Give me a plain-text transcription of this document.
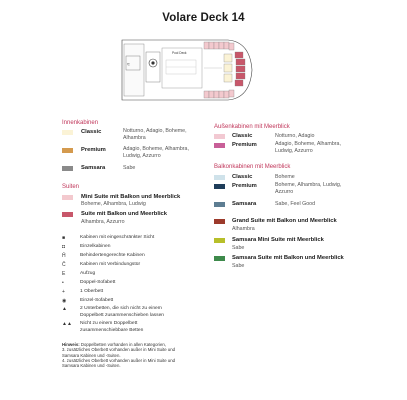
Volare Deck 14
≈
Pool Deck
Innenkabinen
Classic	Notturno, Adagio, Boheme, Alhambra
Premium	Adagio, Boheme, Alhambra, Ludwig, Azzurro
Samsara	Sabe
Suiten
Mini Suite mit Balkon und Meerblick
Boheme, Alhambra, Ludwig
Suite mit Balkon und Meerblick
Alhambra, Azzurro
■	Kabinen mit eingeschränkter Sicht
◘	Einzelkabinen
Ĥ	Behindertengerechte Kabinen
Č	Kabinen mit Verbindungstür
E	Aufzug
•	Doppel-Sofabett
+	1 Oberbett
◉	Einzel-Sofabett
▲	2 Unterbetten, die sich nicht zu einem
Doppelbett zusammenschieben lassen
▲▲ Nicht zu einem Doppelbett
zusammenschiebbare Betten
Hinweis: Doppelbetten vorhanden in allen Kategorien,
3. zusätzliches Oberbett vorhanden außer in Mini Suite und
Samsara Kabinen und -Suiten.
4. zusätzliches Oberbett vorhanden außer in Mini Suite und
Samsara Kabinen und -Suiten.
Außenkabinen mit Meerblick
Classic	Notturno, Adagio
Premium	Adagio, Boheme, Alhambra, Ludwig, Azzurro
Balkonkabinen mit Meerblick
Classic	Boheme
Premium	Boheme, Alhambra, Ludwig, Azzurro
Samsara	Sabe, Feel Good
Grand Suite mit Balkon und Meerblick
Alhambra
Samsara Mini Suite mit Meerblick
Sabe
Samsara Suite mit Balkon und Meerblick
Sabe
